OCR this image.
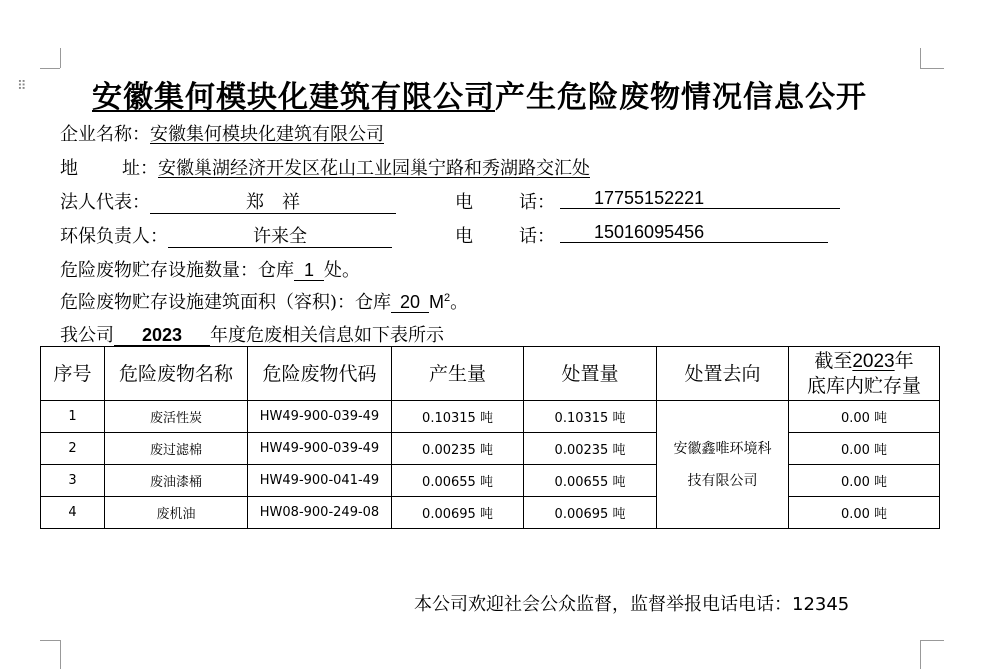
⠿ 安徽集何模块化建筑有限公司产生危险废物情况信息公开
企业名称：安徽集何模块化建筑有限公司
地 址：安徽巢湖经济开发区花山工业园巢宁路和秀湖路交汇处
法人代表：	郑　祥	电	话：	17755152221
环保负责人：	许来全	电	话：	15016095456
危险废物贮存设施数量：仓库 1 处。
危险废物贮存设施建筑面积（容积)：仓库 20 $M^2$。
我公司 2023 年度危废相关信息如下表所示
序号	危险废物名称	危险废物代码	产生量	处置量	处置去向	截至2023年
底库内贮存量
1	废活性炭	HW49-900-039-49	0.10315 吨	0.10315 吨	安徽鑫唯环境科
技有限公司	0.00 吨
2	废过滤棉	HW49-900-039-49	0.00235 吨	0.00235 吨		0.00 吨
3	废油漆桶	HW49-900-041-49	0.00655 吨	0.00655 吨		0.00 吨
4	废机油	HW08-900-249-08	0.00695 吨	0.00695 吨		0.00 吨
本公司欢迎社会公众监督，监督举报电话电话：12345
